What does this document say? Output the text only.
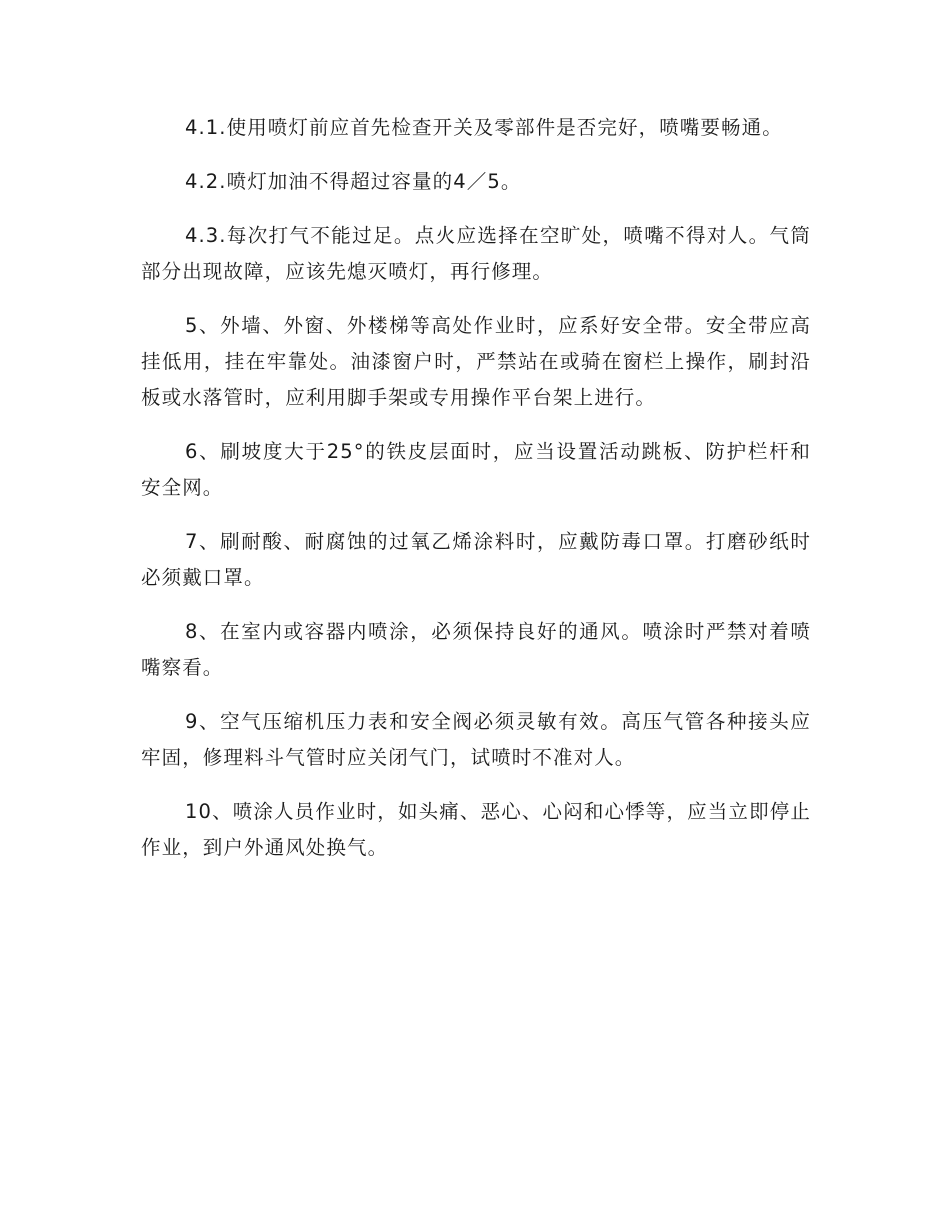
4.1.使用喷灯前应首先检查开关及零部件是否完好，喷嘴要畅通。

4.2.喷灯加油不得超过容量的4／5。

4.3.每次打气不能过足。点火应选择在空旷处，喷嘴不得对人。气筒部分出现故障，应该先熄灭喷灯，再行修理。

5、外墙、外窗、外楼梯等高处作业时，应系好安全带。安全带应高挂低用，挂在牢靠处。油漆窗户时，严禁站在或骑在窗栏上操作，刷封沿板或水落管时，应利用脚手架或专用操作平台架上进行。

6、刷坡度大于25°的铁皮层面时，应当设置活动跳板、防护栏杆和安全网。

7、刷耐酸、耐腐蚀的过氧乙烯涂料时，应戴防毒口罩。打磨砂纸时必须戴口罩。

8、在室内或容器内喷涂，必须保持良好的通风。喷涂时严禁对着喷嘴察看。

9、空气压缩机压力表和安全阀必须灵敏有效。高压气管各种接头应牢固，修理料斗气管时应关闭气门，试喷时不准对人。

10、喷涂人员作业时，如头痛、恶心、心闷和心悸等，应当立即停止作业，到户外通风处换气。
